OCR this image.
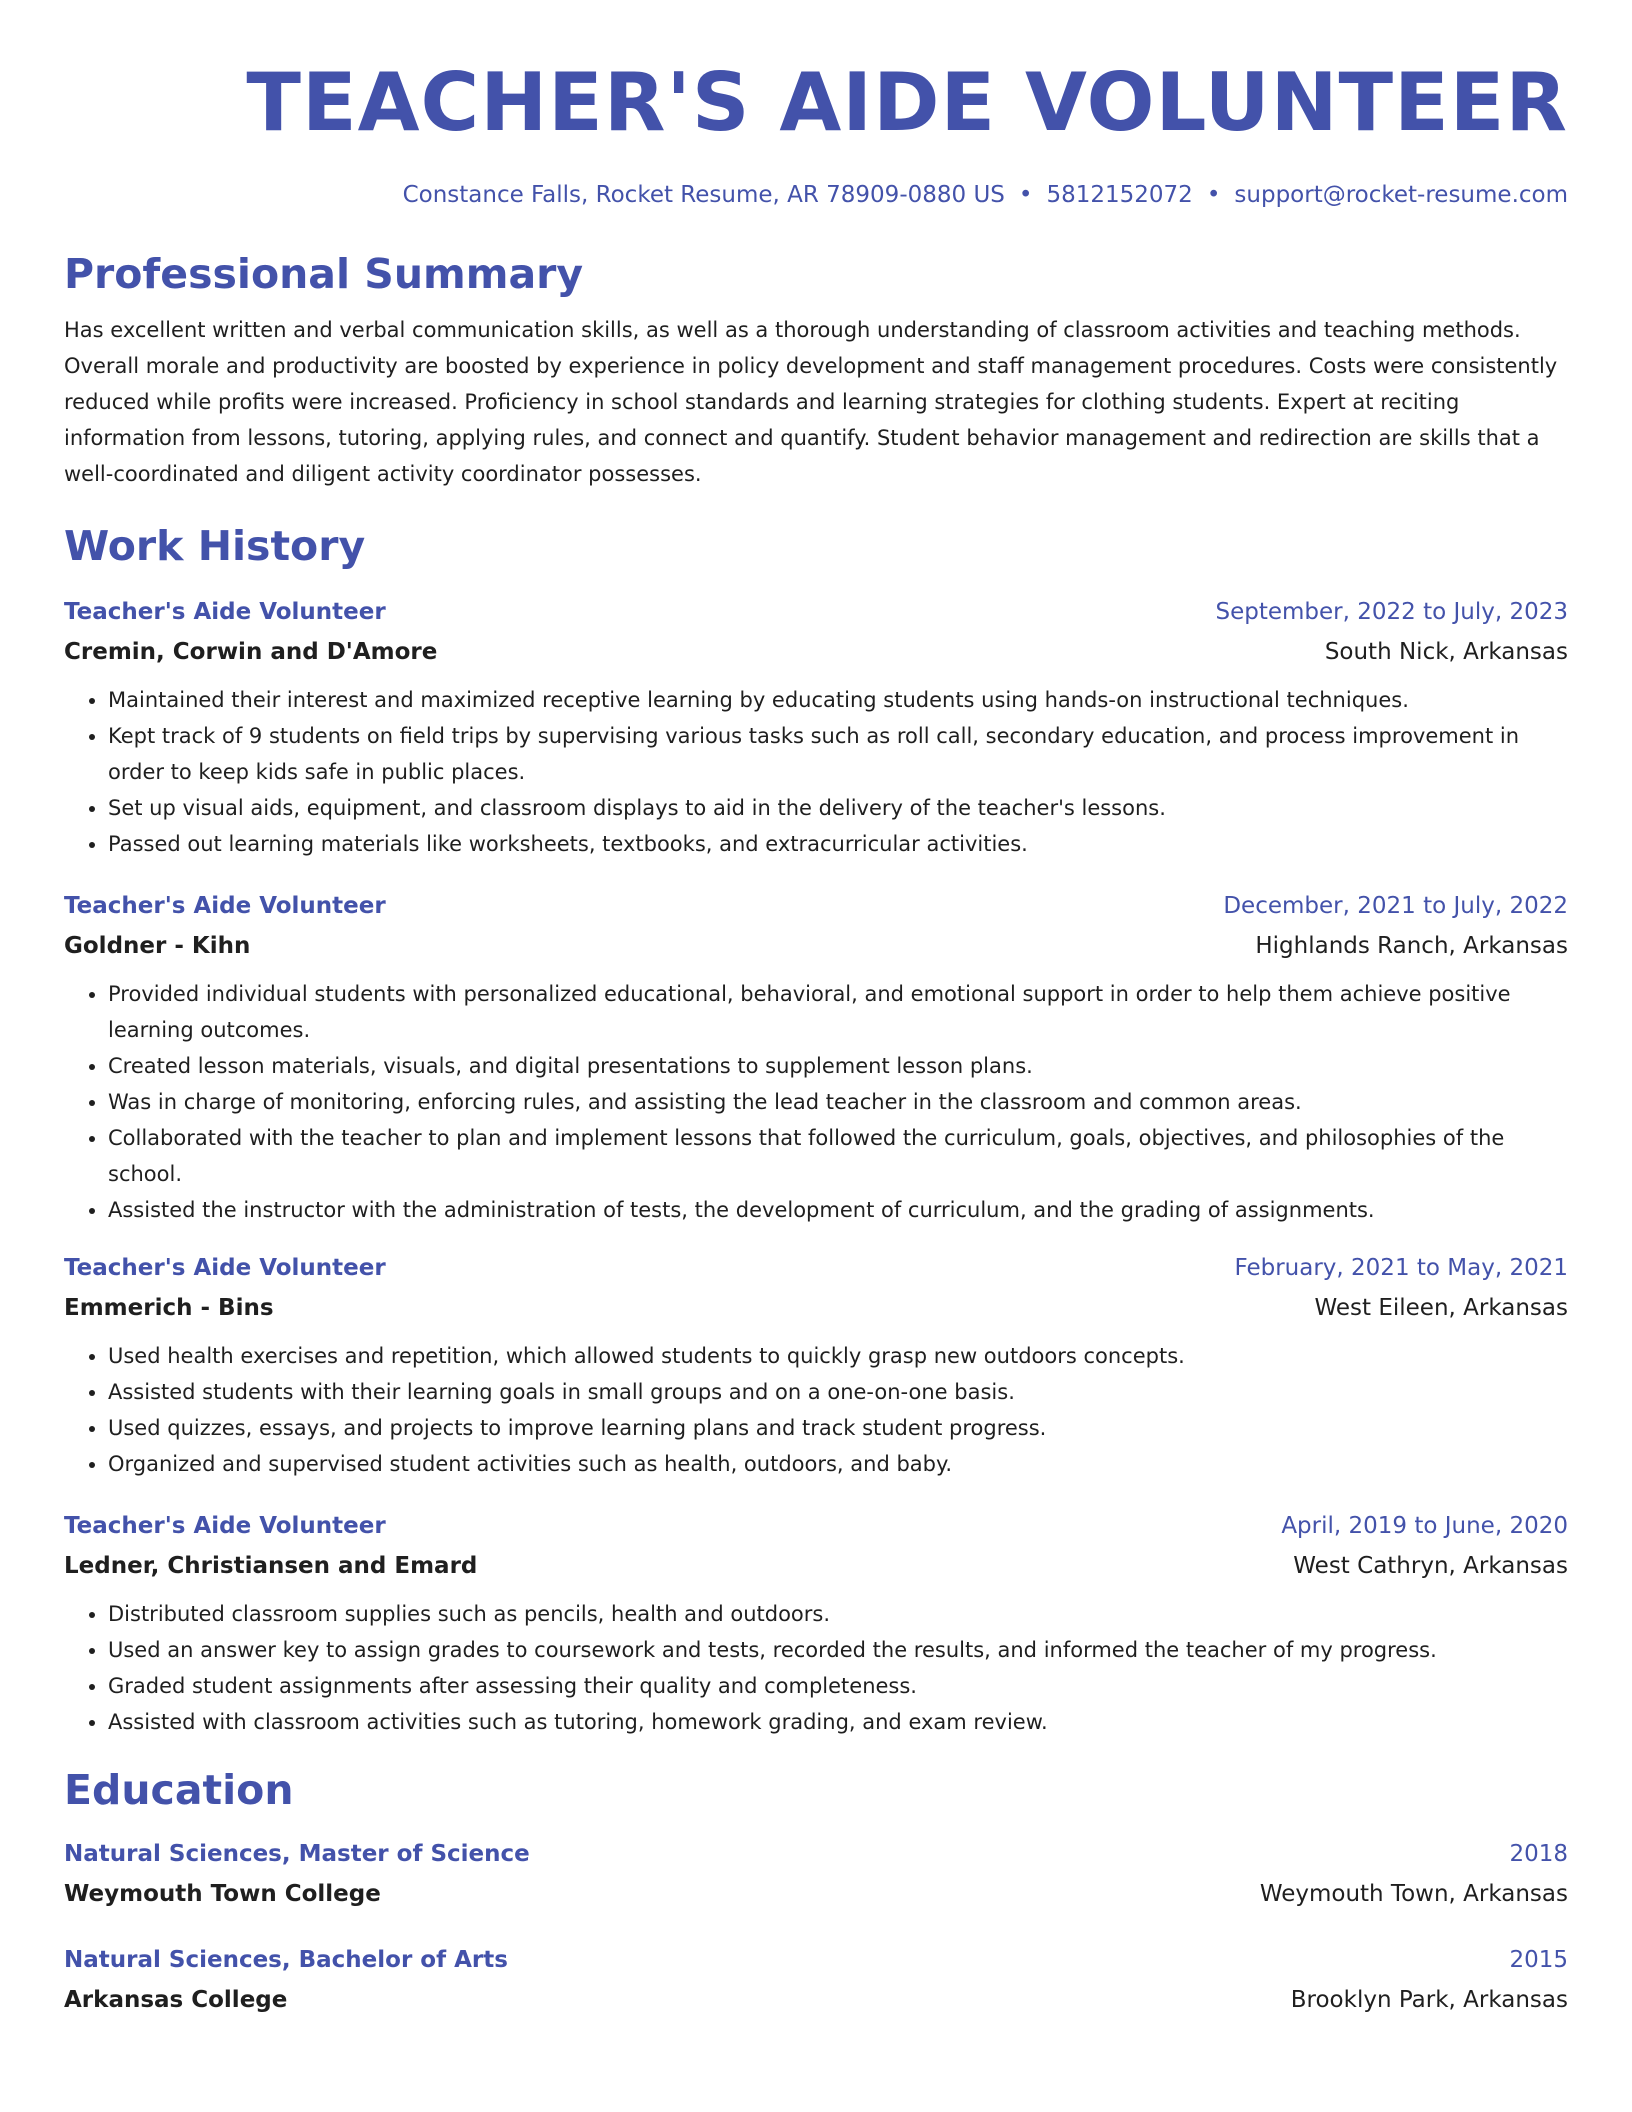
TEACHER'S AIDE VOLUNTEER
Constance Falls, Rocket Resume, AR 78909-0880 US • 5812152072 • support@rocket-resume.com
Professional Summary
Has excellent written and verbal communication skills, as well as a thorough understanding of classroom activities and teaching methods. Overall morale and productivity are boosted by experience in policy development and staff management procedures. Costs were consistently reduced while profits were increased. Proficiency in school standards and learning strategies for clothing students. Expert at reciting information from lessons, tutoring, applying rules, and connect and quantify. Student behavior management and redirection are skills that a well-coordinated and diligent activity coordinator possesses.
Work History
Teacher's Aide Volunteer	September, 2022 to July, 2023
Cremin, Corwin and D'Amore	South Nick, Arkansas
• Maintained their interest and maximized receptive learning by educating students using hands-on instructional techniques.
• Kept track of 9 students on field trips by supervising various tasks such as roll call, secondary education, and process improvement in order to keep kids safe in public places.
• Set up visual aids, equipment, and classroom displays to aid in the delivery of the teacher's lessons.
• Passed out learning materials like worksheets, textbooks, and extracurricular activities.
Teacher's Aide Volunteer	December, 2021 to July, 2022
Goldner - Kihn	Highlands Ranch, Arkansas
• Provided individual students with personalized educational, behavioral, and emotional support in order to help them achieve positive learning outcomes.
• Created lesson materials, visuals, and digital presentations to supplement lesson plans.
• Was in charge of monitoring, enforcing rules, and assisting the lead teacher in the classroom and common areas.
• Collaborated with the teacher to plan and implement lessons that followed the curriculum, goals, objectives, and philosophies of the school.
• Assisted the instructor with the administration of tests, the development of curriculum, and the grading of assignments.
Teacher's Aide Volunteer	February, 2021 to May, 2021
Emmerich - Bins	West Eileen, Arkansas
• Used health exercises and repetition, which allowed students to quickly grasp new outdoors concepts.
• Assisted students with their learning goals in small groups and on a one-on-one basis.
• Used quizzes, essays, and projects to improve learning plans and track student progress.
• Organized and supervised student activities such as health, outdoors, and baby.
Teacher's Aide Volunteer	April, 2019 to June, 2020
Ledner, Christiansen and Emard	West Cathryn, Arkansas
• Distributed classroom supplies such as pencils, health and outdoors.
• Used an answer key to assign grades to coursework and tests, recorded the results, and informed the teacher of my progress.
• Graded student assignments after assessing their quality and completeness.
• Assisted with classroom activities such as tutoring, homework grading, and exam review.
Education
Natural Sciences, Master of Science	2018
Weymouth Town College	Weymouth Town, Arkansas
Natural Sciences, Bachelor of Arts	2015
Arkansas College	Brooklyn Park, Arkansas
